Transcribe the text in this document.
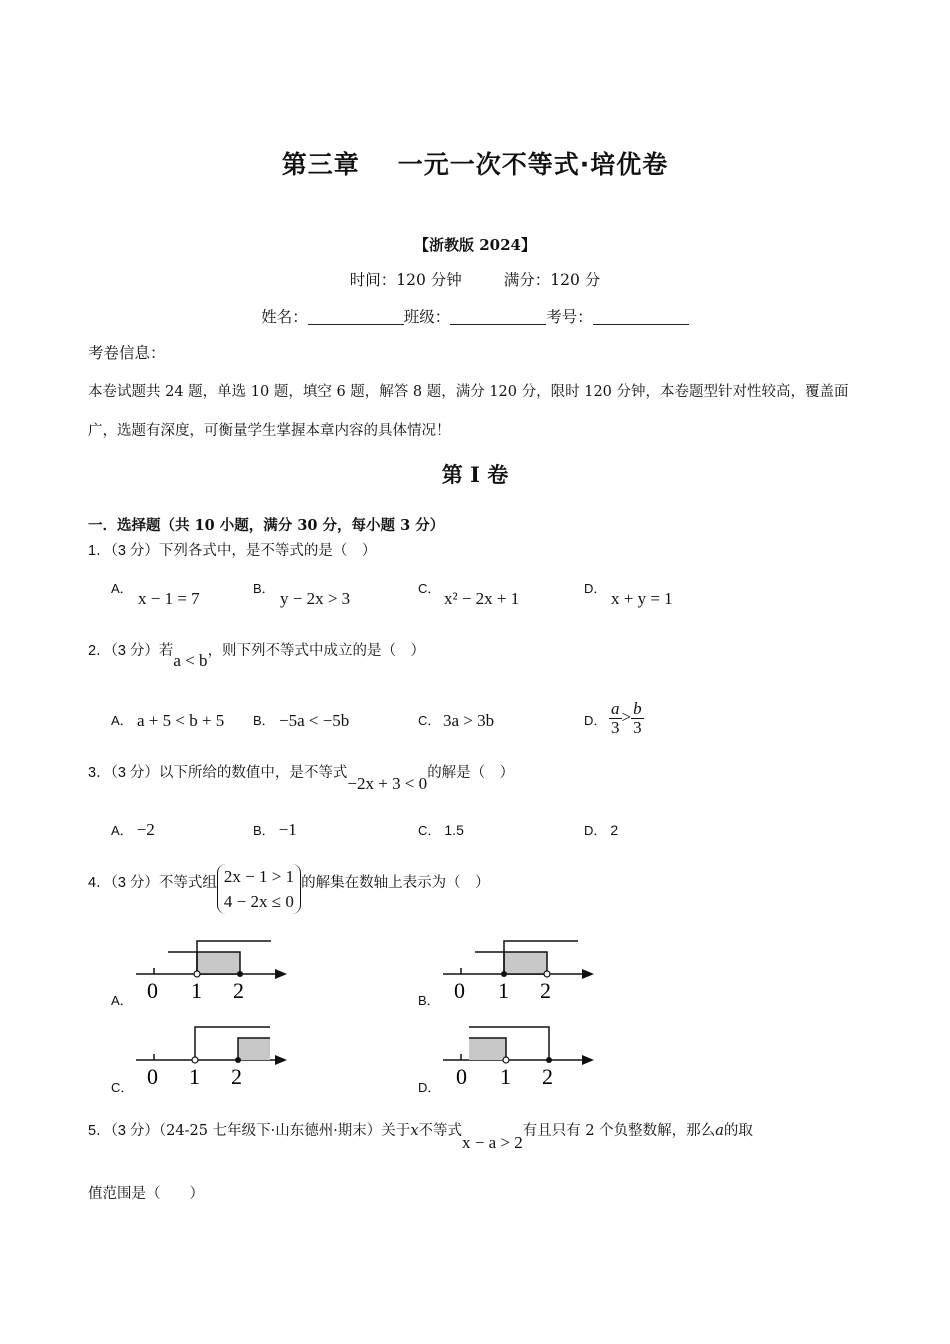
第三章 一元一次不等式·培优卷
【浙教版 2024】
时间：120 分钟	满分：120 分
姓名：	班级：	考号：
考卷信息：
本卷试题共 24 题，单选 10 题，填空 6 题，解答 8 题，满分 120 分，限时 120 分钟，本卷题型针对性较高，覆盖面广，选题有深度，可衡量学生掌握本章内容的具体情况！
第 I 卷
一．选择题（共 10 小题，满分 30 分，每小题 3 分）
1．（3 分）下列各式中，是不等式的是（　）
A．
x − 1 = 7
B．
y − 2x > 3
C．
x² − 2x + 1
D．
x + y = 1
2．（3 分）若a < b，则下列不等式中成立的是（　）
A． a + 5 < b + 5 B． −5a < −5b	C． 3a > 3b	D． $\frac{a}{3} > \frac{b}{3}$
3．（3 分）以下所给的数值中，是不等式−2x + 3 < 0的解是（　）
A． −2	B． −1	C． 1.5	D． 2
4．（3 分）不等式组 2x − 1 > 1
4 − 2x ≤ 0
的解集在数轴上表示为（　）
A． 0 1 2	B． 0 1 2
C． 0 1 2	D． 0 1 2
5．（3 分）（24-25 七年级下·山东德州·期末）关于x不等式x − a > 2有且只有 2 个负整数解，那么a的取
值范围是（　　）
